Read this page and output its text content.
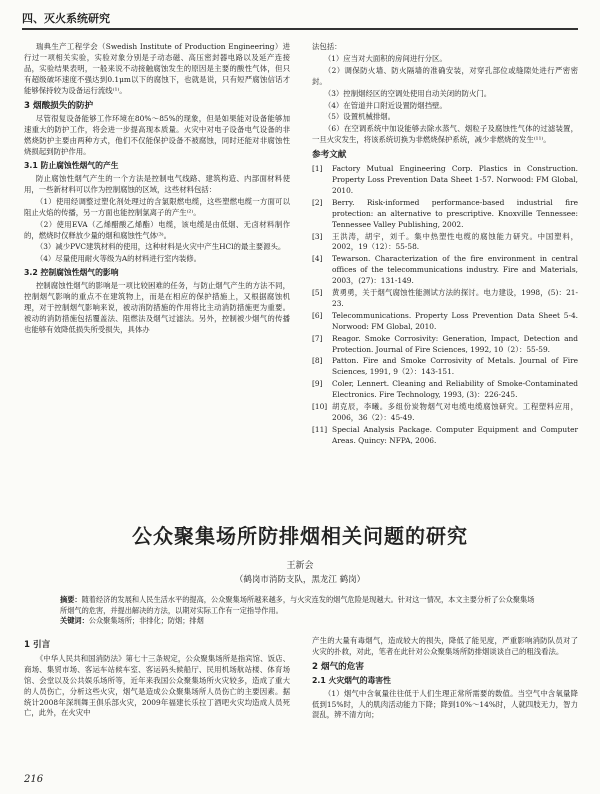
四、灭火系统研究

瑞典生产工程学会（Swedish Institute of Production Engineering）进行过一项相关实验，实验对象分别是子动态磁、高压密封器电路以及延产连接品，实验结果表明，一般来说不动接触腐蚀发生的原因是主要的酸性气体，但只有超级破坏速度不强达到0.1μm以下的腐蚀下，也就是说，只有短严腐蚀信话才能够保持较为设备运行流线⁽¹⁾。

3 烟酸损失的防护

尽管很复设备能够工作环境在80%～85%的现象，但是如果能对设备能够加速重大的防护工作，将会进一步提高现本质量。火灾中对电子设备电气设备的非燃烧防护主要由两种方式，他们不仅能保护设备不被腐蚀，同时还能对非腐蚀性烧损起到防护作用。

3.1 防止腐蚀性烟气的产生

防止腐蚀性烟气产生的一个方法是控制电气线路、建筑构造、内部面材料使用，一些新材料可以作为控制腐蚀的区域，这些材料包括：

（1）使用经调整过塑化剂处理过的含氯限燃电缆，这些塑燃电缆一方面可以阻止火焰的传播，另一方面也能控制氯离子的产生⁽²⁾。

（2）使用EVA（乙烯醋酸乙烯酯）电缆，该电缆是由低烟、无卤材料制作的，燃烧时仅释放少量的烟和腐蚀性气体⁽³⁾。

（3）减少PVC建筑材料的使用，这种材料是火灾中产生HCl的最主要源头。

（4）尽量使用耐火等级为A的材料进行室内装修。

3.2 控制腐蚀性烟气的影响

控制腐蚀性烟气的影响是一项比较困难的任务，与防止烟气产生的方法不同，控制烟气影响的重点不在建筑物上，而是在相应的保护措施上，又根据腐蚀机理，对于控制烟气影响来说，被动消防措施的作用将比主动消防措施更为重要。被动的消防措施包括覆盖法、阻燃法及烟气过滤法。另外，控制被少烟气的传播也能够有效降低损失所受损失，具体办

法包括：

（1）应当对大面积的房间进行分区。

（2）调保防火墙、防火隔墙的准确安装，对穿孔部位或缝隙处进行严密密封。

（3）控制烟经区的空调处使用自动关闭的防火门。

（4）在管道井口附近设置防烟挡壁。

（5）设置机械排烟。

（6）在空调系统中加设能够去除水蒸气、烟粒子及腐蚀性气体的过滤装置，一旦火灾发生，将该系统切换为非燃烧保护系统，减少非燃烧的发生⁽¹¹⁾。

参考文献
[1]	Factory Mutual Engineering Corp. Plastics in Construction. Property Loss Prevention Data Sheet 1-57. Norwood: FM Global, 2010.
[2]	Berry. Risk-informed performance-based industrial fire protection: an alternative to prescriptive. Knoxville Tennessee: Tennessee Valley Publishing, 2002.
[3]	王洪涛，胡宇，刘千。集中热塑性电缆的腐蚀能力研究。中国塑料，2002，19（12）：55-58.
[4]	Tewarson. Characterization of the fire environment in central offices of the telecommunications industry. Fire and Materials, 2003，(27)：131-149.
[5]	黄勇勇，关于烟气腐蚀性能测试方法的探讨。电力建设，1998，(5)：21-23.
[6]	Telecommunications. Property Loss Prevention Data Sheet 5-4. Norwood: FM Global, 2010.
[7]	Reagor. Smoke Corrosivity: Generation, Impact, Detection and Protection. Journal of Fire Sciences, 1992, 10（2）：55-59.
[8]	Patton. Fire and Smoke Corrosivity of Metals. Journal of Fire Sciences, 1991, 9（2）：143-151.
[9]	Coler, Lennert. Cleaning and Reliability of Smoke-Contaminated Electronics. Fire Technology, 1993, (3)：226-245.
[10] 胡克辰，李曦。多组份炭物烟气对电缆电缆腐蚀研究。工程塑料应用，2006，36（2）：45-49.
[11] Special Analysis Package. Computer Equipment and Computer Areas. Quincy: NFPA, 2006.
公众聚集场所防排烟相关问题的研究
王新会
（鹤岗市消防支队，黑龙江 鹤岗）
摘要：随着经济的发展和人民生活水平的提高，公众聚集场所越来越多，与火灾连发的烟气危险是现越大。针对这一情况，本文主要分析了公众聚集场所烟气的危害，并提出解决的方法，以期对实际工作有一定指导作用。
关键词：公众聚集场所；非排化；防烟；排烟
1 引言

《中华人民共和国消防法》第七十三条规定，公众聚集场所是指宾馆、饭店、商场、集贸市场、客运车站候车室、客运码头候船厅、民用机场航站楼、体育场馆、会堂以及公共娱乐场所等，近年来我国公众聚集场所火灾较多，造成了重大的人员伤亡，分析这些火灾，烟气是造成公众聚集场所人员伤亡的主要因素。据统计2008年深圳舞王俱乐部火灾，2009年福建长乐拉丁酒吧火灾均造成人员死亡，此外，在火灾中

产生的大量有毒烟气，造成较大的损失，降低了能见度，严重影响消防队员对了火灾的扑救，对此，笔者在此针对公众聚集场所防排烟谈谈自己的粗浅看法。

2 烟气的危害
2.1 火灾烟气的毒害性

（1）烟气中含氧量往往低于人们生理正常所需要的数值。当空气中含氧量降低到15%时，人的肌肉活动能力下降；降到10%～14%时，人就四肢无力，智力混乱，辨不清方向；

216
